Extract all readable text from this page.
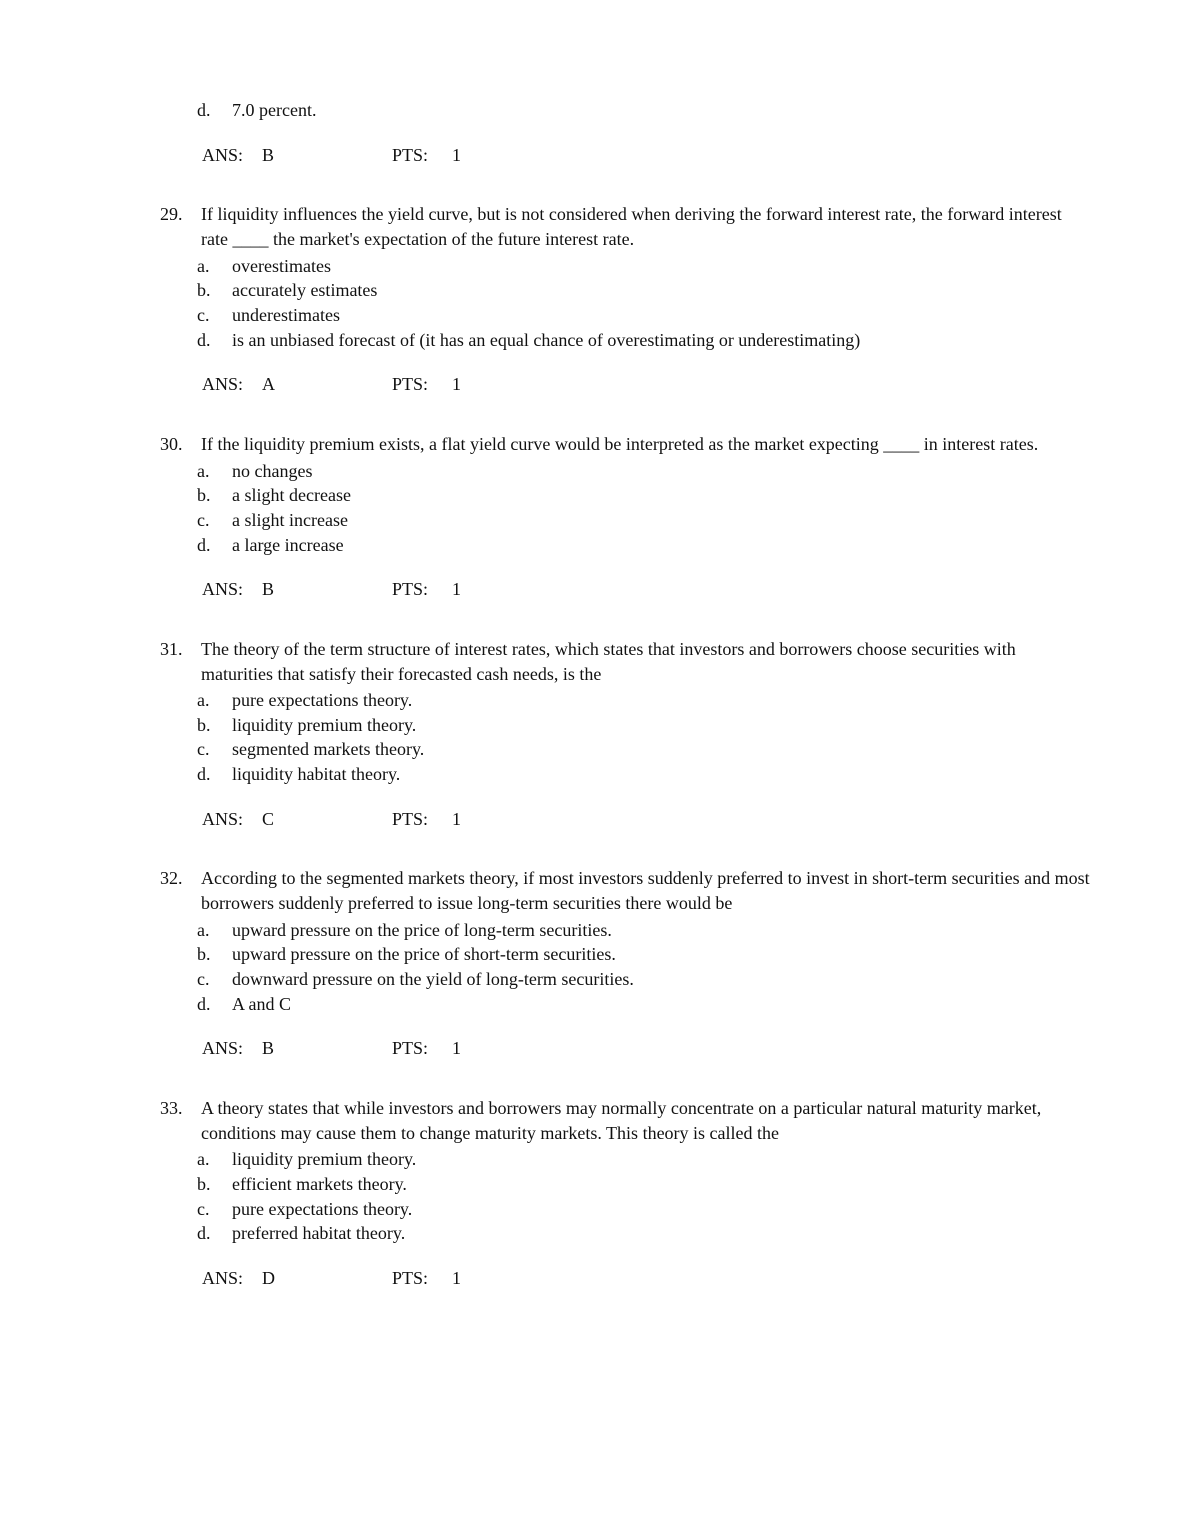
d.	7.0 percent.
ANS: B	PTS: 1
29.	If liquidity influences the yield curve, but is not considered when deriving the forward interest rate, the forward interest rate ____ the market's expectation of the future interest rate.
a.	overestimates
b.	accurately estimates
c.	underestimates
d.	is an unbiased forecast of (it has an equal chance of overestimating or underestimating)
ANS: A	PTS: 1
30.	If the liquidity premium exists, a flat yield curve would be interpreted as the market expecting ____ in interest rates.
a.	no changes
b.	a slight decrease
c.	a slight increase
d.	a large increase
ANS: B	PTS: 1
31.	The theory of the term structure of interest rates, which states that investors and borrowers choose securities with maturities that satisfy their forecasted cash needs, is the
a.	pure expectations theory.
b.	liquidity premium theory.
c.	segmented markets theory.
d.	liquidity habitat theory.
ANS: C	PTS: 1
32.	According to the segmented markets theory, if most investors suddenly preferred to invest in short-term securities and most borrowers suddenly preferred to issue long-term securities there would be
a.	upward pressure on the price of long-term securities.
b.	upward pressure on the price of short-term securities.
c.	downward pressure on the yield of long-term securities.
d.	A and C
ANS: B	PTS: 1
33.	A theory states that while investors and borrowers may normally concentrate on a particular natural maturity market, conditions may cause them to change maturity markets. This theory is called the
a.	liquidity premium theory.
b.	efficient markets theory.
c.	pure expectations theory.
d.	preferred habitat theory.
ANS: D	PTS: 1
